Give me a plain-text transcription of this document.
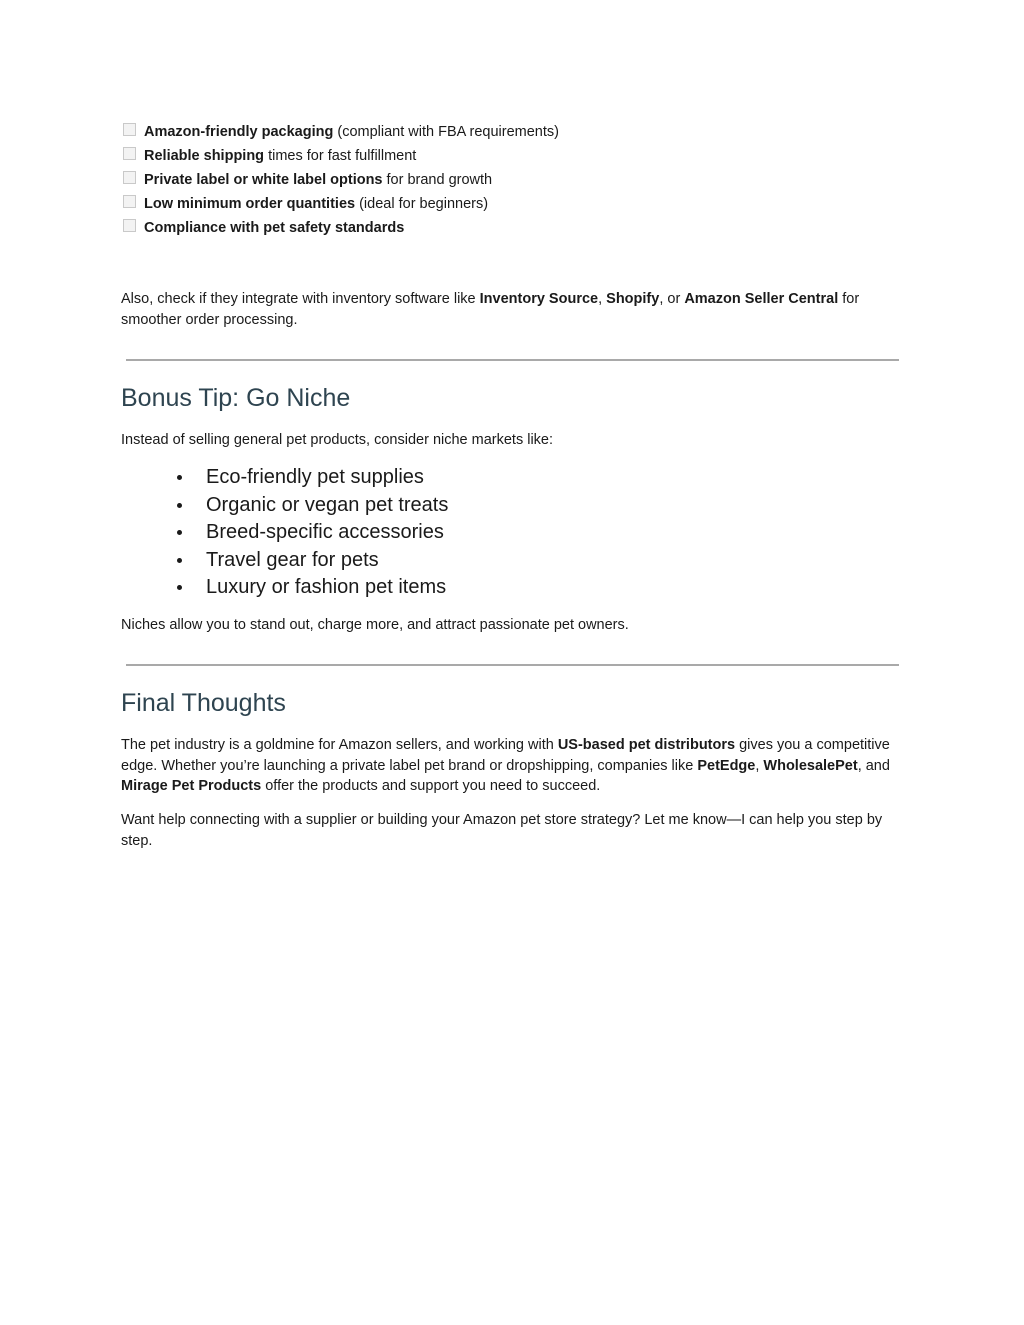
Amazon-friendly packaging (compliant with FBA requirements)
Reliable shipping times for fast fulfillment
Private label or white label options for brand growth
Low minimum order quantities (ideal for beginners)
Compliance with pet safety standards

Also, check if they integrate with inventory software like Inventory Source, Shopify, or Amazon Seller Central for smoother order processing.

Bonus Tip: Go Niche

Instead of selling general pet products, consider niche markets like:

Eco-friendly pet supplies
Organic or vegan pet treats
Breed-specific accessories
Travel gear for pets
Luxury or fashion pet items

Niches allow you to stand out, charge more, and attract passionate pet owners.

Final Thoughts

The pet industry is a goldmine for Amazon sellers, and working with US-based pet distributors gives you a competitive edge. Whether you’re launching a private label pet brand or dropshipping, companies like PetEdge, WholesalePet, and Mirage Pet Products offer the products and support you need to succeed.

Want help connecting with a supplier or building your Amazon pet store strategy? Let me know—I can help you step by step.
